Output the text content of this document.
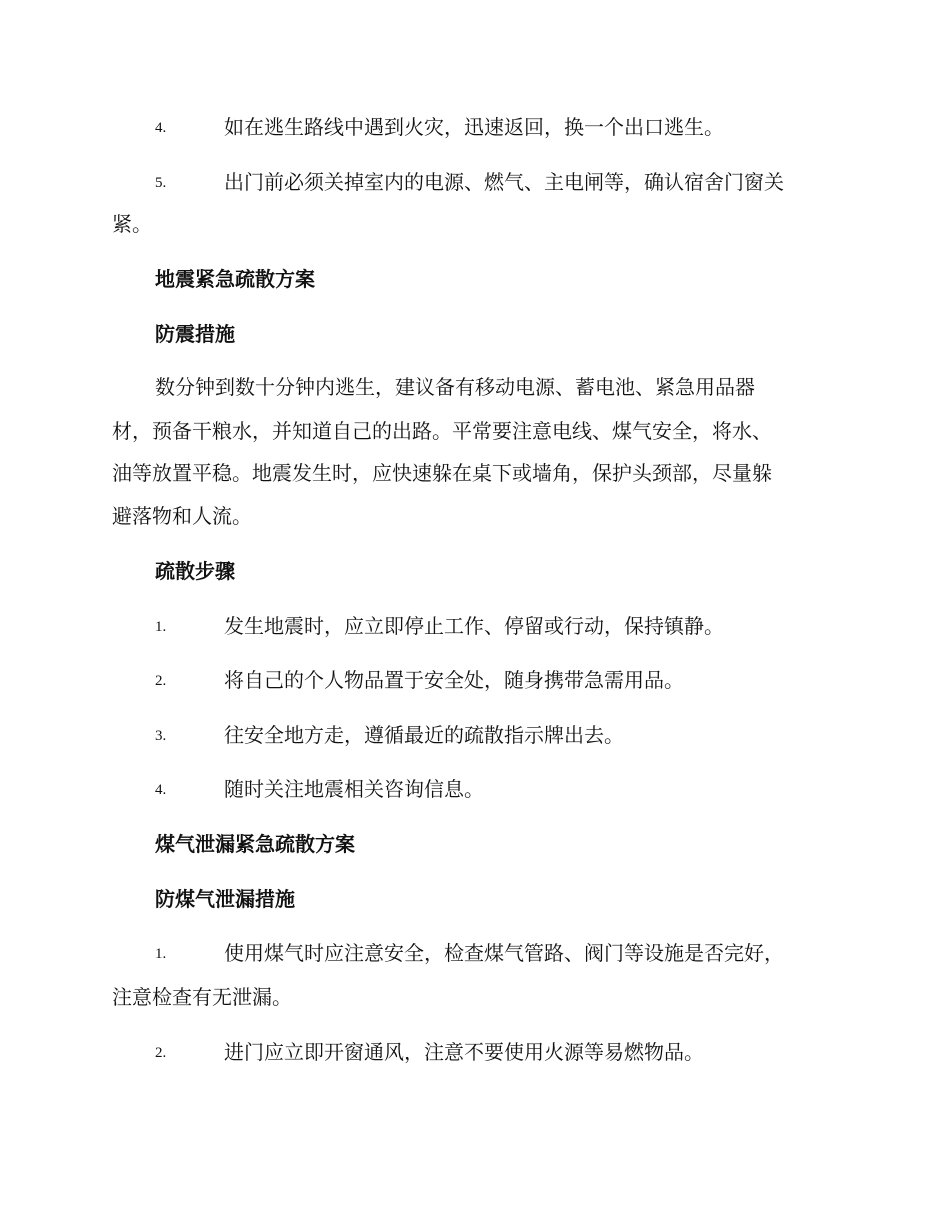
4.	如在逃生路线中遇到火灾，迅速返回，换一个出口逃生。
5.	出门前必须关掉室内的电源、燃气、主电闸等，确认宿舍门窗关
紧。
地震紧急疏散方案
防震措施
数分钟到数十分钟内逃生，建议备有移动电源、蓄电池、紧急用品器
材，预备干粮水，并知道自己的出路。平常要注意电线、煤气安全，将水、
油等放置平稳。地震发生时，应快速躲在桌下或墙角，保护头颈部，尽量躲
避落物和人流。
疏散步骤
1.	发生地震时，应立即停止工作、停留或行动，保持镇静。
2.	将自己的个人物品置于安全处，随身携带急需用品。
3.	往安全地方走，遵循最近的疏散指示牌出去。
4.	随时关注地震相关咨询信息。
煤气泄漏紧急疏散方案
防煤气泄漏措施
1.	使用煤气时应注意安全，检查煤气管路、阀门等设施是否完好，
注意检查有无泄漏。
2.	进门应立即开窗通风，注意不要使用火源等易燃物品。
